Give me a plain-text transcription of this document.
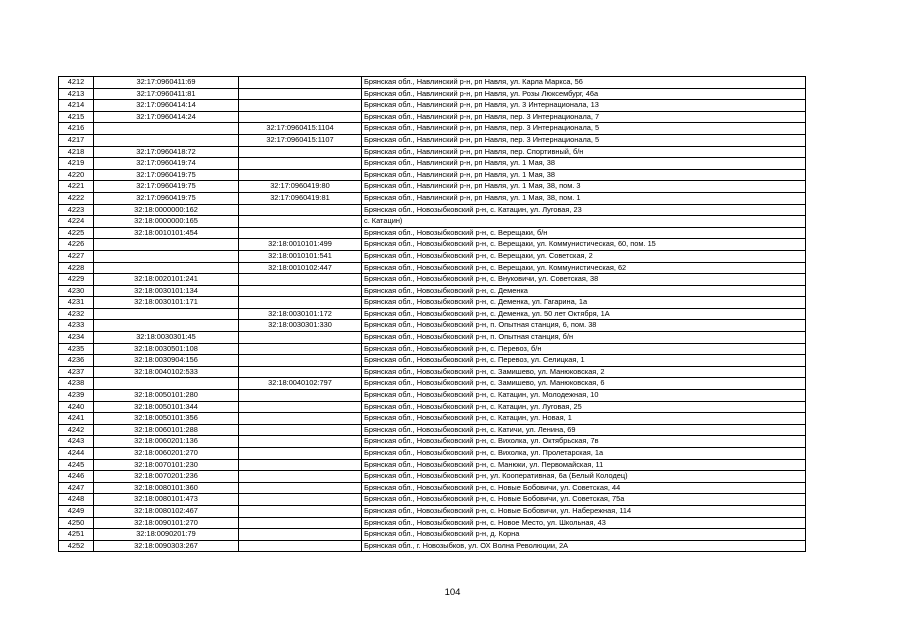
4212	32:17:0960411:69		Брянская обл., Навлинский р-н, рп Навля, ул. Карла Маркса, 56
4213	32:17:0960411:81		Брянская обл., Навлинский р-н, рп Навля, ул. Розы Люксембург, 46а
4214	32:17:0960414:14		Брянская обл., Навлинский р-н, рп Навля, ул. 3 Интернационала, 13
4215	32:17:0960414:24		Брянская обл., Навлинский р-н, рп Навля, пер. 3 Интернационала, 7
4216		32:17:0960415:1104	Брянская обл., Навлинский р-н, рп Навля, пер. 3 Интернационала, 5
4217		32:17:0960415:1107	Брянская обл., Навлинский р-н, рп Навля, пер. 3 Интернационала, 5
4218	32:17:0960418:72		Брянская обл., Навлинский р-н, рп Навля, пер. Спортивный, б/н
4219	32:17:0960419:74		Брянская обл., Навлинский р-н, рп Навля, ул. 1 Мая, 38
4220	32:17:0960419:75		Брянская обл., Навлинский р-н, рп Навля, ул. 1 Мая, 38
4221	32:17:0960419:75	32:17:0960419:80	Брянская обл., Навлинский р-н, рп Навля, ул. 1 Мая, 38, пом. 3
4222	32:17:0960419:75	32:17:0960419:81	Брянская обл., Навлинский р-н, рп Навля, ул. 1 Мая, 38, пом. 1
4223	32:18:0000000:162		Брянская обл., Новозыбковский р-н, с. Катацин, ул. Луговая, 23
4224	32:18:0000000:165		с. Катацин)
4225	32:18:0010101:454		Брянская обл., Новозыбковский р-н, с. Верещаки, б/н
4226		32:18:0010101:499	Брянская обл., Новозыбковский р-н, с. Верещаки, ул. Коммунистическая, 60, пом. 15
4227		32:18:0010101:541	Брянская обл., Новозыбковский р-н, с. Верещаки, ул. Советская, 2
4228		32:18:0010102:447	Брянская обл., Новозыбковский р-н, с. Верещаки, ул. Коммунистическая, 62
4229	32:18:0020101:241		Брянская обл., Новозыбковский р-н, с. Внуковичи, ул. Советская, 38
4230	32:18:0030101:134		Брянская обл., Новозыбковский р-н, с. Деменка
4231	32:18:0030101:171		Брянская обл., Новозыбковский р-н, с. Деменка, ул. Гагарина, 1а
4232		32:18:0030101:172	Брянская обл., Новозыбковский р-н, с. Деменка, ул. 50 лет Октября, 1А
4233		32:18:0030301:330	Брянская обл., Новозыбковский р-н, п. Опытная станция, 6, пом. 38
4234	32:18:0030301:45		Брянская обл., Новозыбковский р-н, п. Опытная станция, б/н
4235	32:18:0030501:108		Брянская обл., Новозыбковский р-н, с. Перевоз, б/н
4236	32:18:0030904:156		Брянская обл., Новозыбковский р-н, с. Перевоз, ул. Селицкая, 1
4237	32:18:0040102:533		Брянская обл., Новозыбковский р-н, с. Замишево, ул. Манюковская, 2
4238		32:18:0040102:797	Брянская обл., Новозыбковский р-н, с. Замишево, ул. Манюковская, 6
4239	32:18:0050101:280		Брянская обл., Новозыбковский р-н, с. Катацин, ул. Молодежная, 10
4240	32:18:0050101:344		Брянская обл., Новозыбковский р-н, с. Катацин, ул. Луговая, 25
4241	32:18:0050101:356		Брянская обл., Новозыбковский р-н, с. Катацин, ул. Новая, 1
4242	32:18:0060101:288		Брянская обл., Новозыбковский р-н, с. Катичи, ул. Ленина, 69
4243	32:18:0060201:136		Брянская обл., Новозыбковский р-н, с. Вихолка, ул. Октябрьская, 7в
4244	32:18:0060201:270		Брянская обл., Новозыбковский р-н, с. Вихолка, ул. Пролетарская, 1а
4245	32:18:0070101:230		Брянская обл., Новозыбковский р-н, с. Манюки, ул. Первомайская, 11
4246	32:18:0070201:236		Брянская обл., Новозыбковский р-н, ул. Кооперативная, 6а (Белый Колодец)
4247	32:18:0080101:360		Брянская обл., Новозыбковский р-н, с. Новые Бобовичи, ул. Советская, 44
4248	32:18:0080101:473		Брянская обл., Новозыбковский р-н, с. Новые Бобовичи, ул. Советская, 75а
4249	32:18:0080102:467		Брянская обл., Новозыбковский р-н, с. Новые Бобовичи, ул. Набережная, 114
4250	32:18:0090101:270		Брянская обл., Новозыбковский р-н, с. Новое Место, ул. Школьная, 43
4251	32:18:0090201:79		Брянская обл., Новозыбковский р-н, д. Корна
4252	32:18:0090303:267		Брянская обл., г. Новозыбков, ул. ОХ Волна Революции, 2А
104
